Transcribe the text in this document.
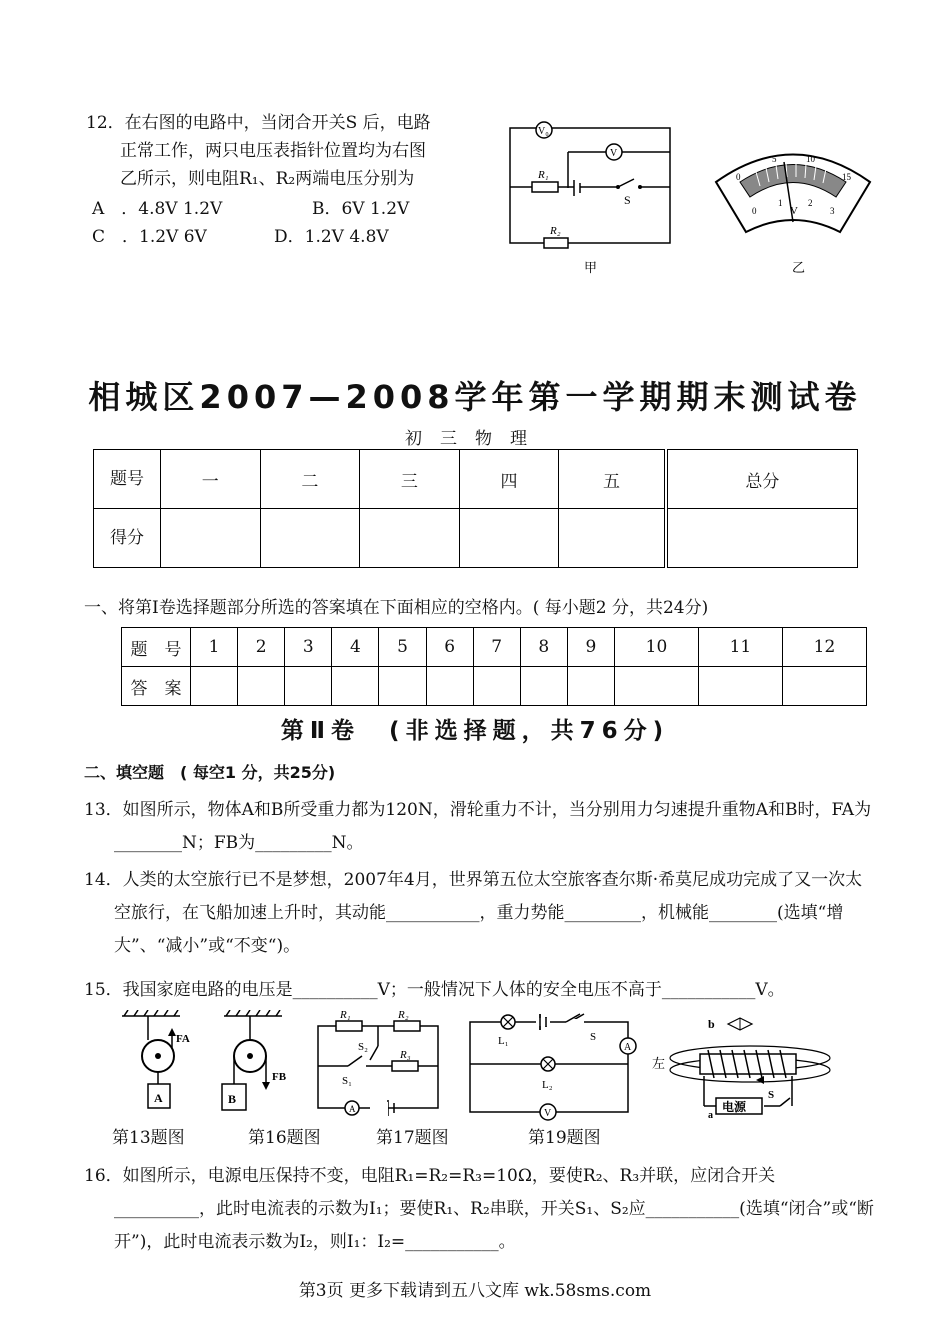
12．在右图的电路中，当闭合开关S 后，电路
正常工作，两只电压表指针位置均为右图
乙所示，则电阻R₁、R₂两端电压分别为
A　．4.8V 1.2V	B．6V 1.2V
C　．1.2V 6V	D．1.2V 4.8V
V₀
V
R₁
S
R₂
甲
0
5	10
15
0
1	2
3
V
乙
相城区2007—2008学年第一学期期末测试卷
初三物理
题号	一	二	三	四	五	总分
得分						
一、将第Ⅰ卷选择题部分所选的答案填在下面相应的空格内。( 每小题2 分，共24分)
题　号	1	2	3	4	5	6	7	8	9	10	11	12
答　案												
第Ⅱ卷　(非选择题，共76分)
二、填空题　( 每空1 分，共25分)
13．如图所示，物体A和B所受重力都为120N，滑轮重力不计，当分别用力匀速提升重物A和B时，FA为________N；FB为_________N。
14．人类的太空旅行已不是梦想，2007年4月，世界第五位太空旅客查尔斯·希莫尼成功完成了又一次太空旅行，在飞船加速上升时，其动能___________，重力势能_________，机械能________(选填“增大”、“减小”或“不变“)。
15．我国家庭电路的电压是__________V；一般情况下人体的安全电压不高于___________V。
FA
A
FB
B
A
R₁	R₂
R₃
S₂
S₁
A
V
L₁
L₂
S
b
左
电源
a
S
第13题图	第16题图	第17题图	第19题图
16．如图所示，电源电压保持不变，电阻R₁=R₂=R₃=10Ω，要使R₂、R₃并联，应闭合开关__________，此时电流表的示数为I₁；要使R₁、R₂串联，开关S₁、S₂应___________(选填“闭合”或“断开”)，此时电流表示数为I₂，则I₁：I₂=___________。
第3页 更多下载请到五八文库 wk.58sms.com
